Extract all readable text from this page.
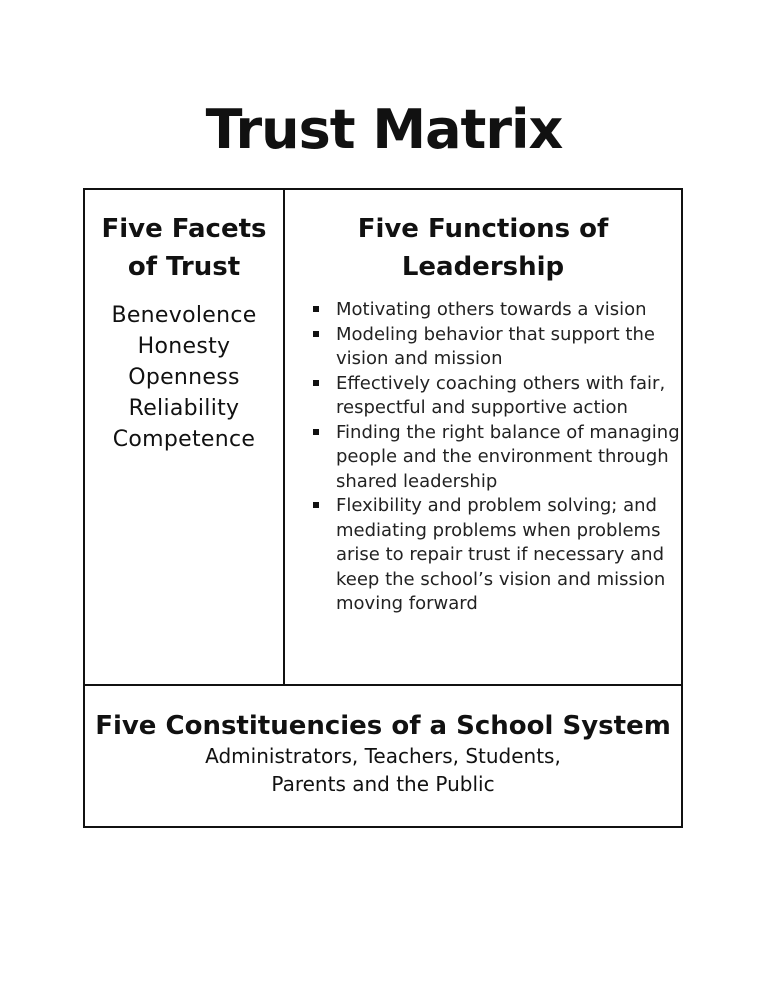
Trust Matrix
Five Facets
of Trust
Benevolence
Honesty
Openness
Reliability
Competence
Five Functions of
Leadership
Motivating others towards a vision
Modeling behavior that support the vision and mission
Effectively coaching others with fair, respectful and supportive action
Finding the right balance of managing people and the environment through shared leadership
Flexibility and problem solving; and mediating problems when problems arise to repair trust if necessary and keep the school’s vision and mission moving forward
Five Constituencies of a School System

Administrators, Teachers, Students,
Parents and the Public
